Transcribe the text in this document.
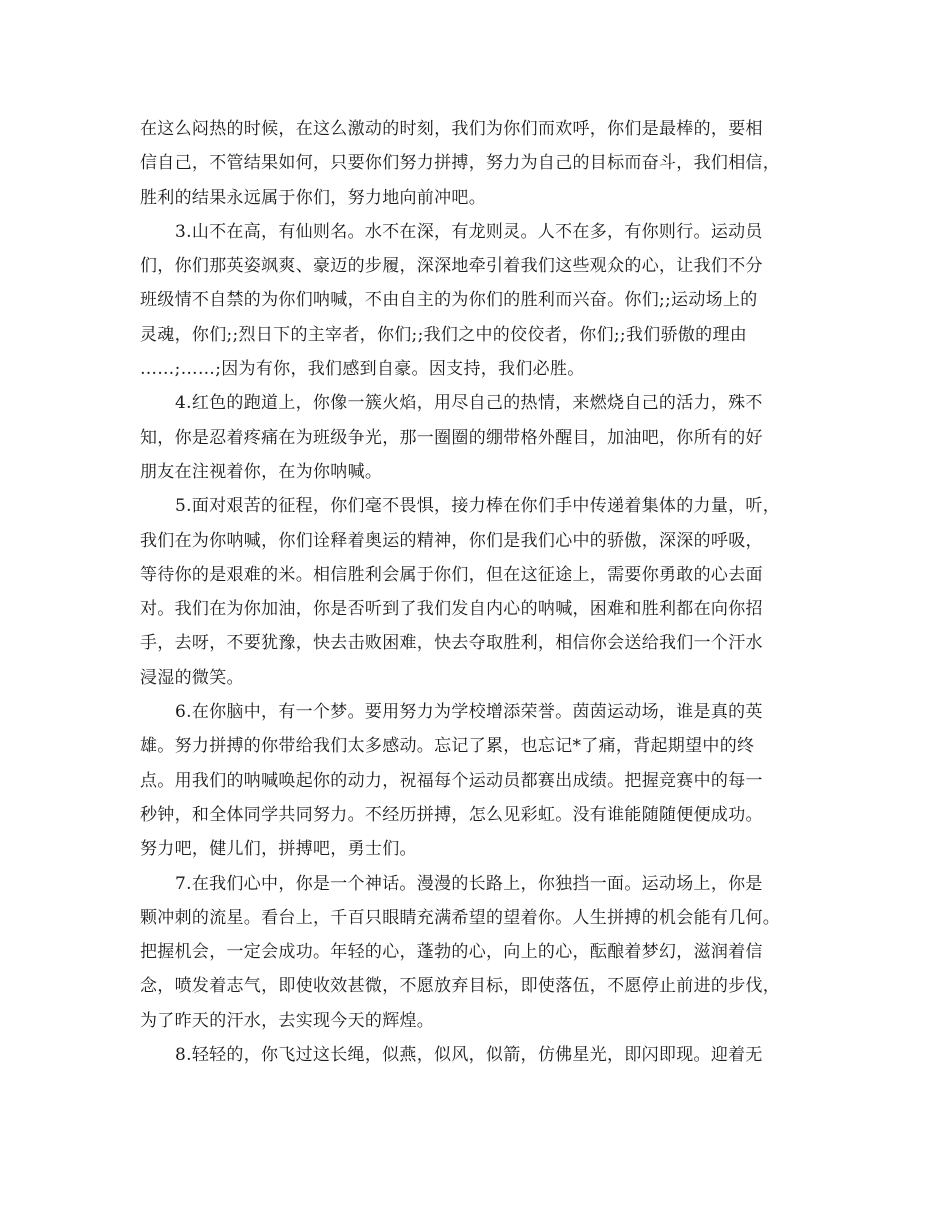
在这么闷热的时候，在这么激动的时刻，我们为你们而欢呼，你们是最棒的，要相
信自己，不管结果如何，只要你们努力拼搏，努力为自己的目标而奋斗，我们相信，
胜利的结果永远属于你们，努力地向前冲吧。
3.山不在高，有仙则名。水不在深，有龙则灵。人不在多，有你则行。运动员
们，你们那英姿飒爽、豪迈的步履，深深地牵引着我们这些观众的心，让我们不分
班级情不自禁的为你们呐喊，不由自主的为你们的胜利而兴奋。你们;;运动场上的
灵魂，你们;;烈日下的主宰者，你们;;我们之中的佼佼者，你们;;我们骄傲的理由
……;……;因为有你，我们感到自豪。因支持，我们必胜。
4.红色的跑道上，你像一簇火焰，用尽自己的热情，来燃烧自己的活力，殊不
知，你是忍着疼痛在为班级争光，那一圈圈的绷带格外醒目，加油吧，你所有的好
朋友在注视着你，在为你呐喊。
5.面对艰苦的征程，你们毫不畏惧，接力棒在你们手中传递着集体的力量，听，
我们在为你呐喊，你们诠释着奥运的精神，你们是我们心中的骄傲，深深的呼吸，
等待你的是艰难的米。相信胜利会属于你们，但在这征途上，需要你勇敢的心去面
对。我们在为你加油，你是否听到了我们发自内心的呐喊，困难和胜利都在向你招
手，去呀，不要犹豫，快去击败困难，快去夺取胜利，相信你会送给我们一个汗水
浸湿的微笑。
6.在你脑中，有一个梦。要用努力为学校增添荣誉。茵茵运动场，谁是真的英
雄。努力拼搏的你带给我们太多感动。忘记了累，也忘记*了痛，背起期望中的终
点。用我们的呐喊唤起你的动力，祝福每个运动员都赛出成绩。把握竞赛中的每一
秒钟，和全体同学共同努力。不经历拼搏，怎么见彩虹。没有谁能随随便便成功。
努力吧，健儿们，拼搏吧，勇士们。
7.在我们心中，你是一个神话。漫漫的长路上，你独挡一面。运动场上，你是
颗冲刺的流星。看台上，千百只眼睛充满希望的望着你。人生拼搏的机会能有几何。
把握机会，一定会成功。年轻的心，蓬勃的心，向上的心，酝酿着梦幻，滋润着信
念，喷发着志气，即使收效甚微，不愿放弃目标，即使落伍，不愿停止前进的步伐，
为了昨天的汗水，去实现今天的辉煌。
8.轻轻的，你飞过这长绳，似燕，似风，似箭，仿佛星光，即闪即现。迎着无
